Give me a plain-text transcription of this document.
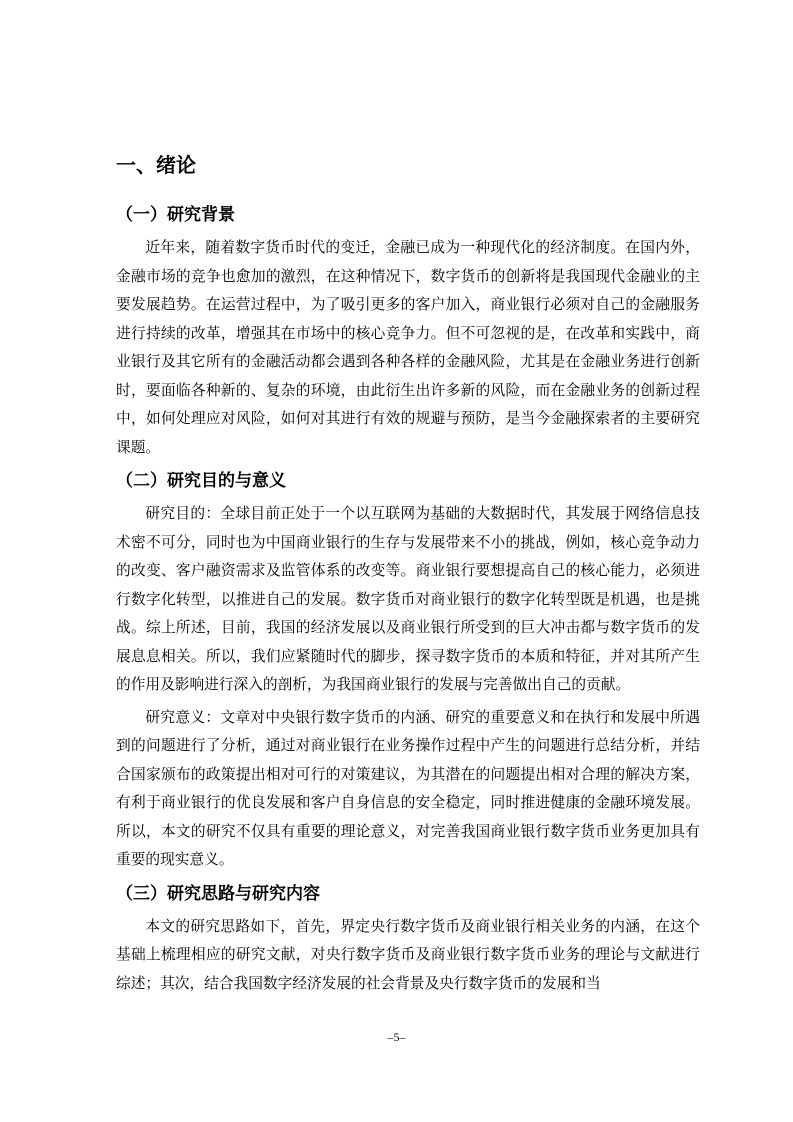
一、绪论
（一）研究背景

近年来，随着数字货币时代的变迁，金融已成为一种现代化的经济制度。在国内外，金融市场的竞争也愈加的激烈，在这种情况下，数字货币的创新将是我国现代金融业的主要发展趋势。在运营过程中，为了吸引更多的客户加入，商业银行必须对自己的金融服务进行持续的改革，增强其在市场中的核心竞争力。但不可忽视的是，在改革和实践中，商业银行及其它所有的金融活动都会遇到各种各样的金融风险，尤其是在金融业务进行创新时，要面临各种新的、复杂的环境，由此衍生出许多新的风险，而在金融业务的创新过程中，如何处理应对风险，如何对其进行有效的规避与预防，是当今金融探索者的主要研究课题。

（二）研究目的与意义

研究目的：全球目前正处于一个以互联网为基础的大数据时代，其发展于网络信息技术密不可分，同时也为中国商业银行的生存与发展带来不小的挑战，例如，核心竞争动力的改变、客户融资需求及监管体系的改变等。商业银行要想提高自己的核心能力，必须进行数字化转型，以推进自己的发展。数字货币对商业银行的数字化转型既是机遇，也是挑战。综上所述，目前，我国的经济发展以及商业银行所受到的巨大冲击都与数字货币的发展息息相关。所以，我们应紧随时代的脚步，探寻数字货币的本质和特征，并对其所产生的作用及影响进行深入的剖析，为我国商业银行的发展与完善做出自己的贡献。

研究意义：文章对中央银行数字货币的内涵、研究的重要意义和在执行和发展中所遇到的问题进行了分析，通过对商业银行在业务操作过程中产生的问题进行总结分析，并结合国家颁布的政策提出相对可行的对策建议，为其潜在的问题提出相对合理的解决方案，有利于商业银行的优良发展和客户自身信息的安全稳定，同时推进健康的金融环境发展。所以，本文的研究不仅具有重要的理论意义，对完善我国商业银行数字货币业务更加具有重要的现实意义。

（三）研究思路与研究内容

本文的研究思路如下，首先，界定央行数字货币及商业银行相关业务的内涵，在这个基础上梳理相应的研究文献，对央行数字货币及商业银行数字货币业务的理论与文献进行综述；其次，结合我国数字经济发展的社会背景及央行数字货币的发展和当

–5–
